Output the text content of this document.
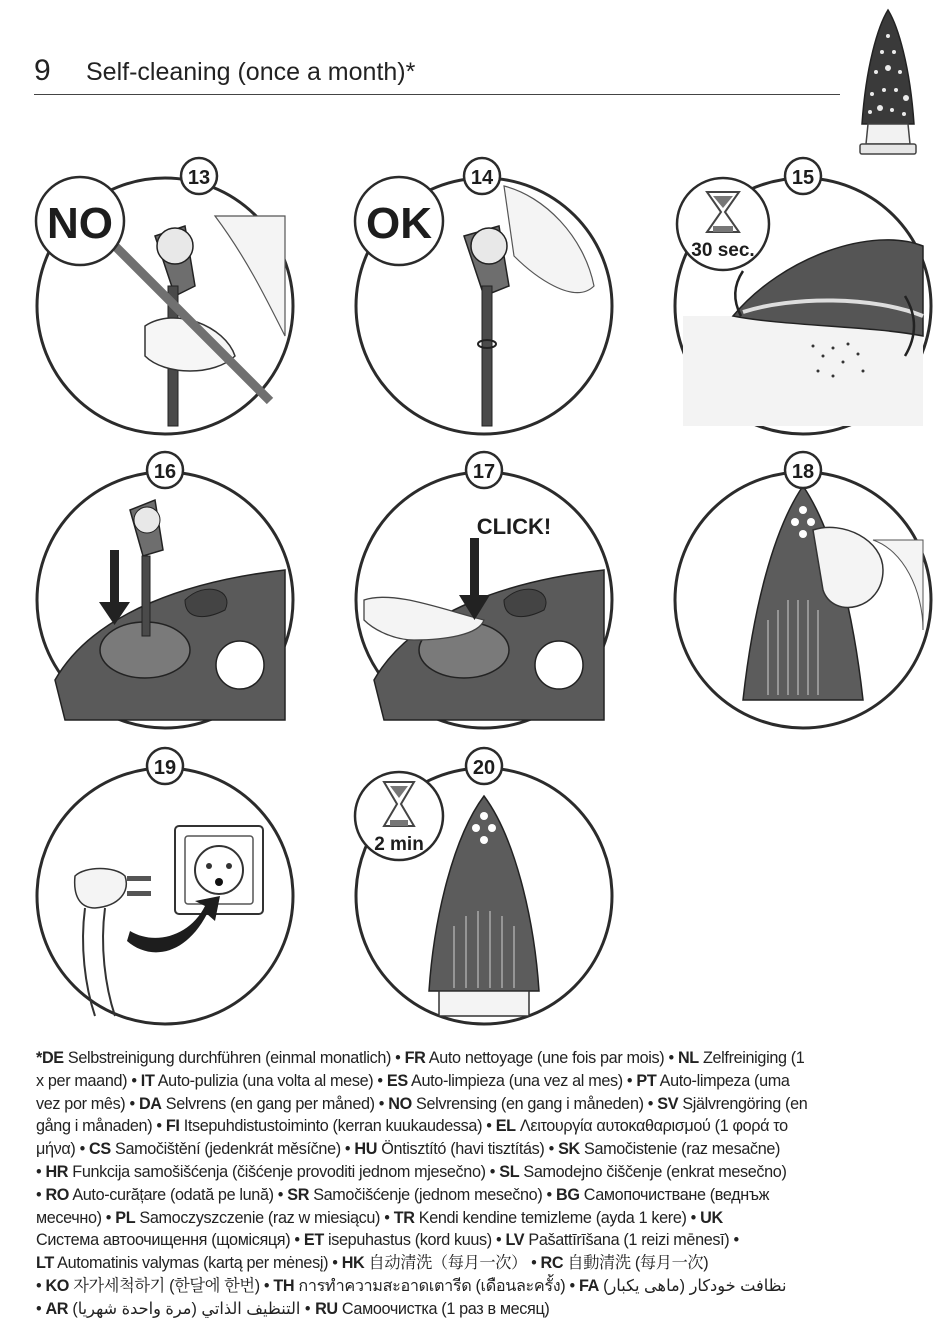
9 Self-cleaning (once a month)*
NO
13
OK
14
30 sec.
15
16
CLICK!
17	18
19
2 min
20
*DE Selbstreinigung durchführen (einmal monatlich) • FR Auto nettoyage (une fois par mois) • NL Zelfreiniging (1
x per maand) • IT Auto-pulizia (una volta al mese) • ES Auto-limpieza (una vez al mes) • PT Auto-limpeza (uma
vez por mês) • DA Selvrens (en gang per måned) • NO Selvrensing (en gang i måneden) • SV Självrengöring (en
gång i månaden) • FI Itsepuhdistustoiminto (kerran kuukaudessa) • EL Λειτουργία αυτοκαθαρισμού (1 φορά το
μήνα) • CS Samočištění (jedenkrát měsíčne) • HU Öntisztító (havi tisztítás) • SK Samočistenie (raz mesačne)
• HR Funkcija samošišćenja (čišćenje provoditi jednom mjesečno) • SL Samodejno čiščenje (enkrat mesečno)
• RO Auto-curățare (odată pe lună) • SR Samočišćenje (jednom mesečno) • BG Самопочистване (веднъж
месечно) • PL Samoczyszczenie (raz w miesiącu) • TR Kendi kendine temizleme (ayda 1 kere) • UK
Система автоочищення (щомісяця) • ET isepuhastus (kord kuus) • LV Pašattīrīšana (1 reizi mēnesī) •
LT Automatinis valymas (kartą per mėnesį) • HK 自动清洗（每月一次） • RC 自動清洗 (每月一次)
• KO 자가세척하기 (한달에 한번) • TH การทำความสะอาดเตารีด (เดือนละครั้ง) • FA نظافت خودکار (ماهی یکبار)
• AR التنظيف الذاتي (مرة واحدة شهريا) • RU Самоочистка (1 раз в месяц)
